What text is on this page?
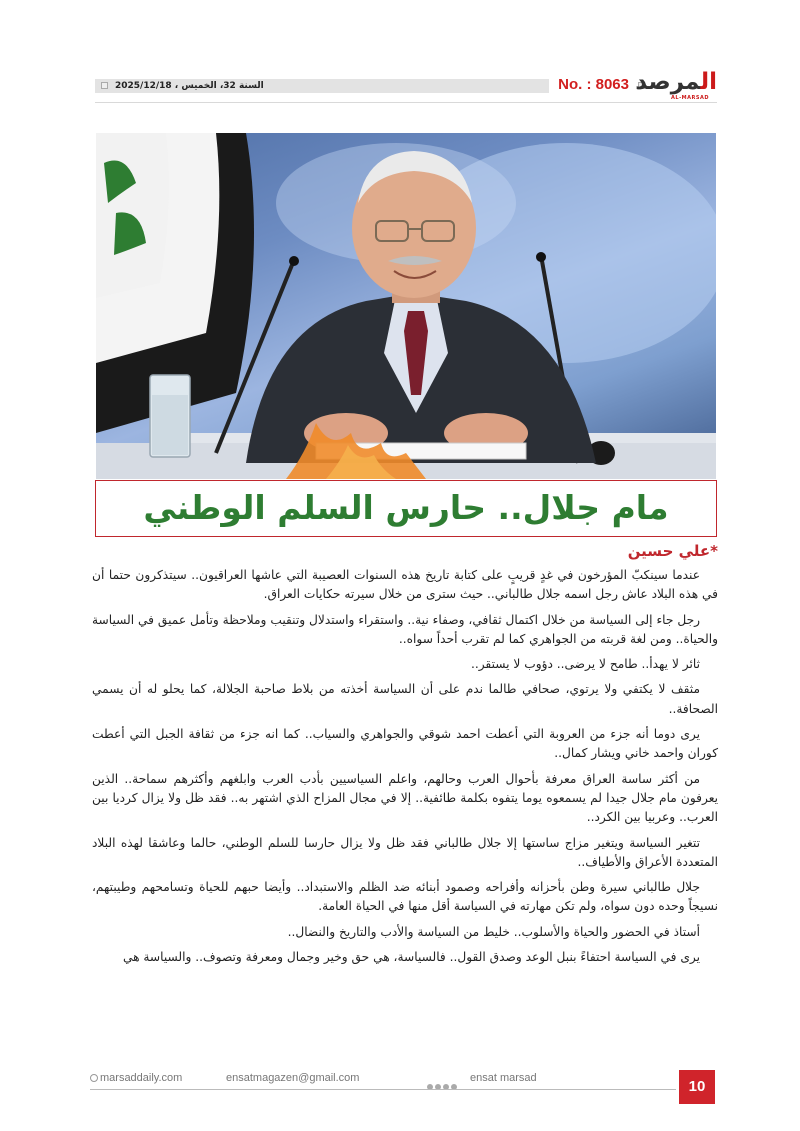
السنة 32، الخميس ، 2025/12/18	No. : 8063	المرصد
AL-MARSAD
مام جلال.. حارس السلم الوطني
*علي حسين

عندما سينكبّ المؤرخون في غدٍ قريبٍ على كتابة تاريخ هذه السنوات العصيبة التي عاشها العراقيون.. سيتذكرون حتما أن في هذه البلاد عاش رجل اسمه جلال طالباني.. حيث سترى من خلال سيرته حكايات العراق.

رجل جاء إلى السياسة من خلال اكتمال ثقافي، وصفاء نية.. واستقراء واستدلال وتنقيب وملاحظة وتأمل عميق في السياسة والحياة.. ومن لغة قربته من الجواهري كما لم تقرب أحداً سواه..

ثائر لا يهدأ.. طامح لا يرضى.. دؤوب لا يستقر..

مثقف لا يكتفي ولا يرتوي، صحافي طالما ندم على أن السياسة أخذته من بلاط صاحبة الجلالة، كما يحلو له أن يسمي الصحافة..

يرى دوما أنه جزء من العروبة التي أعطت احمد شوقي والجواهري والسياب.. كما انه جزء من ثقافة الجبل التي أعطت كوران واحمد خاني ويشار كمال..

من أكثر ساسة العراق معرفة بأحوال العرب وحالهم، واعلم السياسيين بأدب العرب وابلغهم وأكثرهم سماحة.. الذين يعرفون مام جلال جيدا لم يسمعوه يوما يتفوه بكلمة طائفية.. إلا في مجال المزاح الذي اشتهر به.. فقد ظل ولا يزال كرديا بين العرب.. وعربيا بين الكرد..

تتغير السياسة ويتغير مزاج ساستها إلا جلال طالباني فقد ظل ولا يزال حارسا للسلم الوطني، حالما وعاشقا لهذه البلاد المتعددة الأعراق والأطياف..

جلال طالباني سيرة وطن بأحزانه وأفراحه وصمود أبنائه ضد الظلم والاستبداد.. وأيضا حبهم للحياة وتسامحهم وطيبتهم، نسيجاً وحده دون سواه، ولم تكن مهارته في السياسة أقل منها في الحياة العامة.

أستاذ في الحضور والحياة والأسلوب.. خليط من السياسة والأدب والتاريخ والنضال..

يرى في السياسة احتفاءً بنبل الوعد وصدق القول.. فالسياسة، هي حق وخير وجمال ومعرفة وتصوف.. والسياسة هي

marsaddaily.com	ensatmagazen@gmail.com	ensat marsad	10
